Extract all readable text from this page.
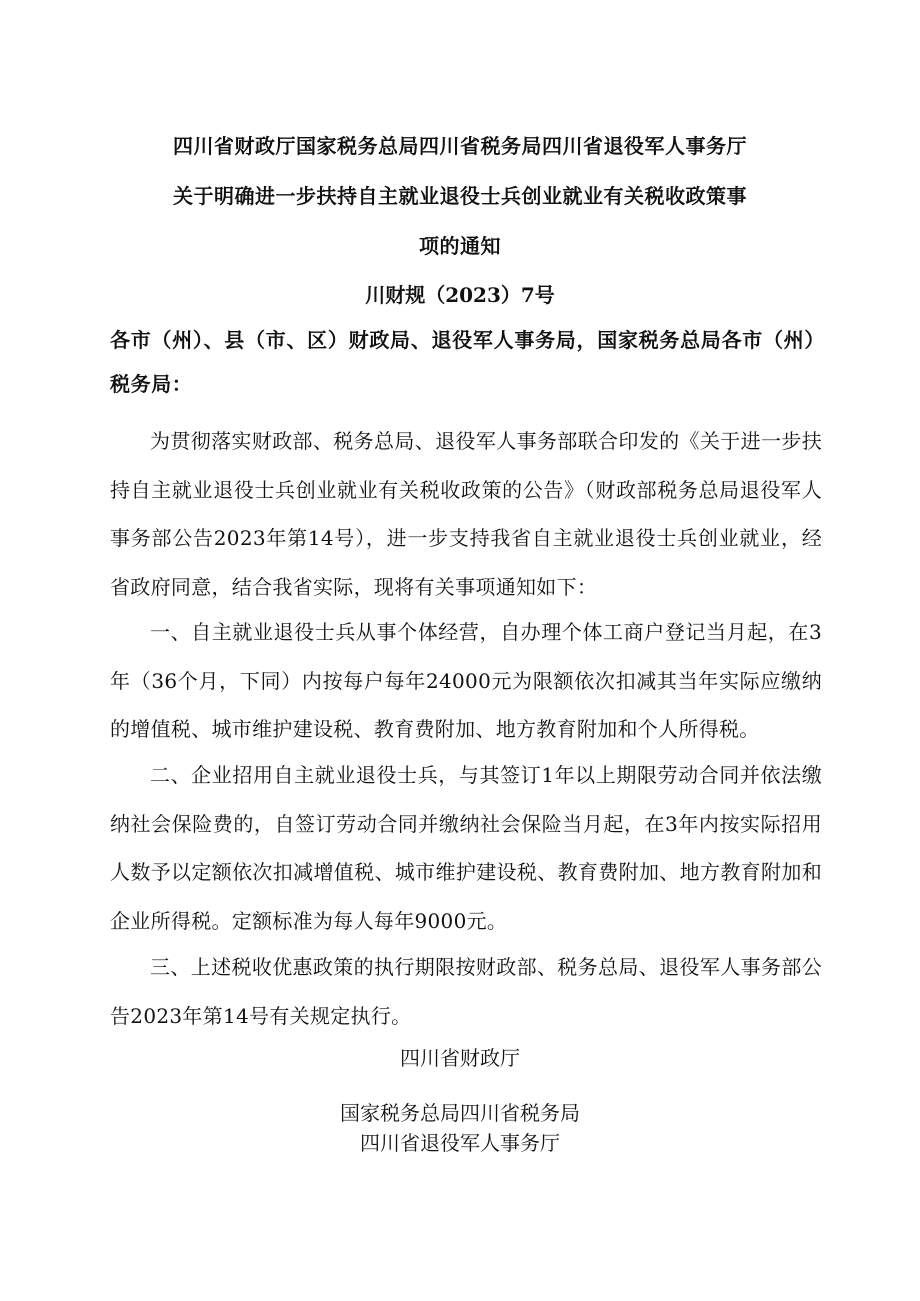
四川省财政厅国家税务总局四川省税务局四川省退役军人事务厅
关于明确进一步扶持自主就业退役士兵创业就业有关税收政策事
项的通知
川财规（2023）7号
各市（州）、县（市、区）财政局、退役军人事务局，国家税务总局各市（州）税务局：
为贯彻落实财政部、税务总局、退役军人事务部联合印发的《关于进一步扶持自主就业退役士兵创业就业有关税收政策的公告》（财政部税务总局退役军人事务部公告2023年第14号），进一步支持我省自主就业退役士兵创业就业，经省政府同意，结合我省实际，现将有关事项通知如下：
一、自主就业退役士兵从事个体经营，自办理个体工商户登记当月起，在3年（36个月，下同）内按每户每年24000元为限额依次扣减其当年实际应缴纳的增值税、城市维护建设税、教育费附加、地方教育附加和个人所得税。
二、企业招用自主就业退役士兵，与其签订1年以上期限劳动合同并依法缴纳社会保险费的，自签订劳动合同并缴纳社会保险当月起，在3年内按实际招用人数予以定额依次扣减增值税、城市维护建设税、教育费附加、地方教育附加和企业所得税。定额标准为每人每年9000元。
三、上述税收优惠政策的执行期限按财政部、税务总局、退役军人事务部公告2023年第14号有关规定执行。
四川省财政厅
国家税务总局四川省税务局
四川省退役军人事务厅
